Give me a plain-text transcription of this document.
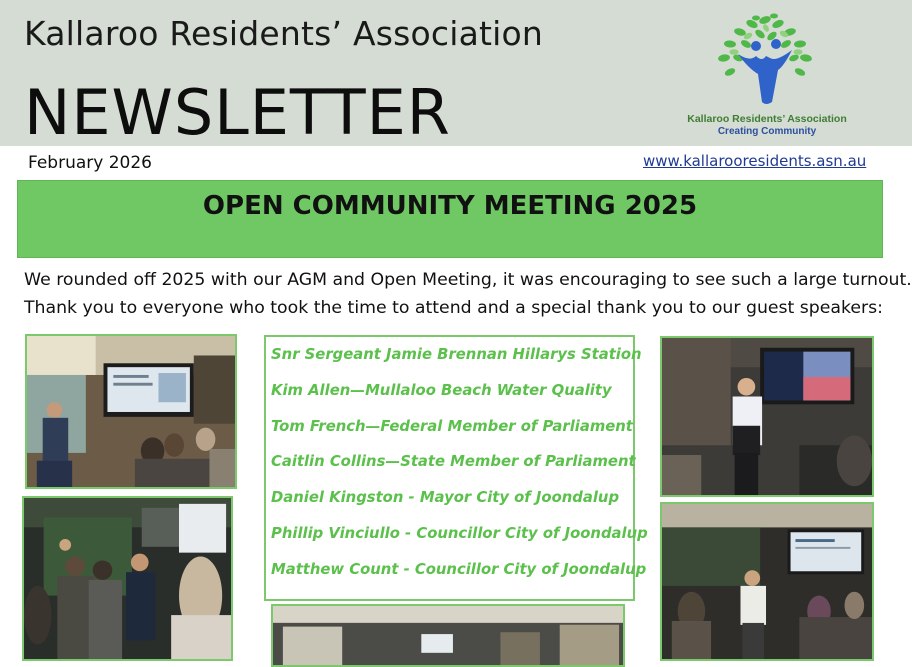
Kallaroo Residents’ Association
NEWSLETTER	Kallaroo Residents’ Association
Creating Community
February 2026	www.kallarooresidents.asn.au
OPEN COMMUNITY MEETING 2025

We rounded off 2025 with our AGM and Open Meeting, it was encouraging to see such a large turnout.

Thank you to everyone who took the time to attend and a special thank you to our guest speakers:

Snr Sergeant Jamie Brennan Hillarys Station
Kim Allen—Mullaloo Beach Water Quality
Tom French—Federal Member of Parliament
Caitlin Collins—State Member of Parliament
Daniel Kingston - Mayor City of Joondalup
Phillip Vinciullo - Councillor City of Joondalup
Matthew Count - Councillor City of Joondalup
